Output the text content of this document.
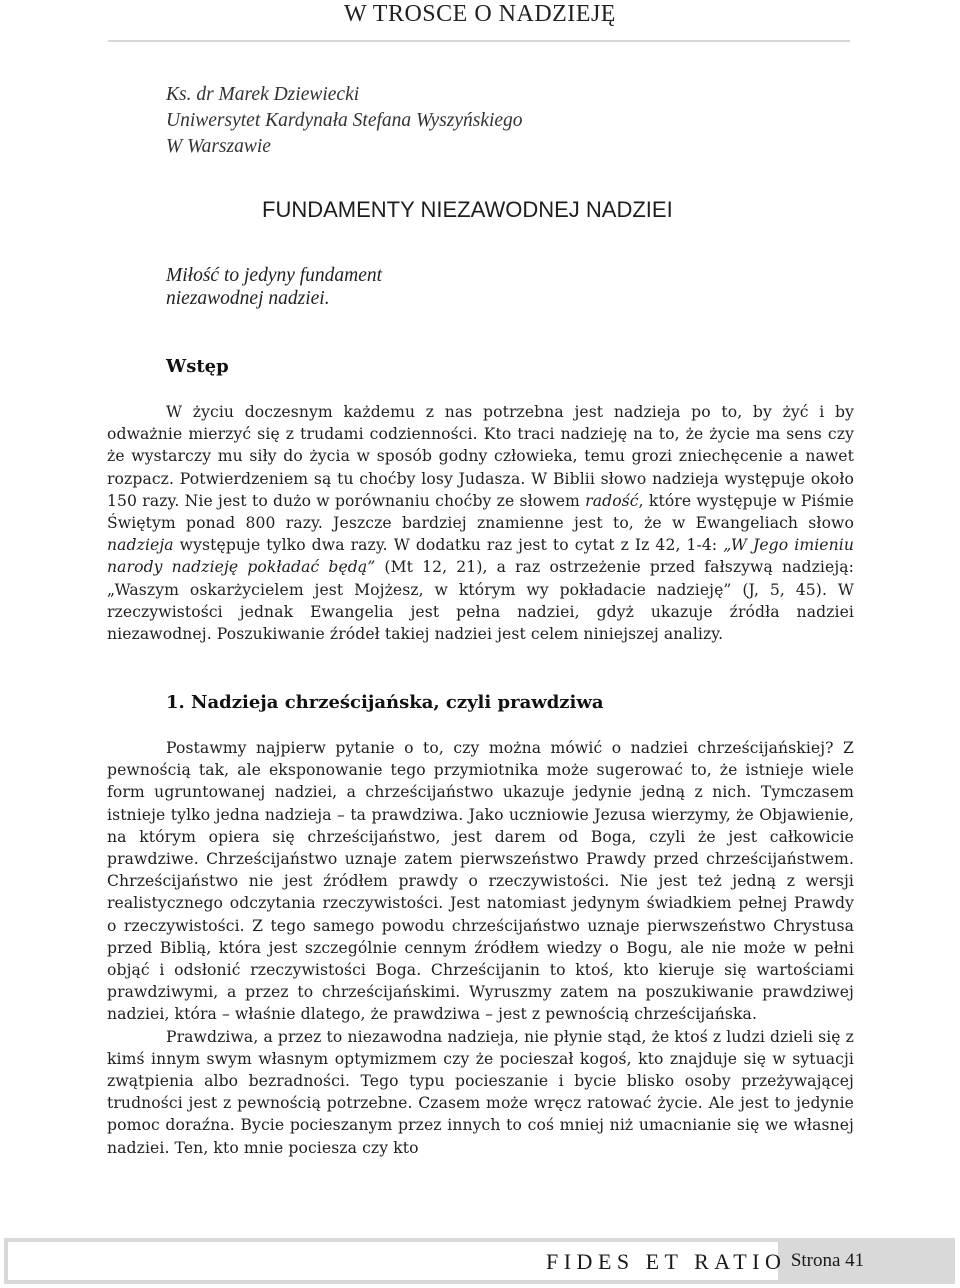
W TROSCE O NADZIEJĘ
Ks. dr Marek Dziewiecki
Uniwersytet Kardynała Stefana Wyszyńskiego
W Warszawie
FUNDAMENTY NIEZAWODNEJ NADZIEI
Miłość to jedyny fundament
niezawodnej nadziei.
Wstęp

W życiu doczesnym każdemu z nas potrzebna jest nadzieja po to, by żyć i by odważnie mierzyć się z trudami codzienności. Kto traci nadzieję na to, że życie ma sens czy że wystarczy mu siły do życia w sposób godny człowieka, temu grozi zniechęcenie a nawet rozpacz. Potwierdzeniem są tu choćby losy Judasza. W Biblii słowo nadzieja występuje około 150 razy. Nie jest to dużo w porównaniu choćby ze słowem radość, które występuje w Piśmie Świętym ponad 800 razy. Jeszcze bardziej znamienne jest to, że w Ewangeliach słowo nadzieja występuje tylko dwa razy. W dodatku raz jest to cytat z Iz 42, 1-4: „W Jego imieniu narody nadzieję pokładać będą” (Mt 12, 21), a raz ostrzeżenie przed fałszywą nadzieją: „Waszym oskarżycielem jest Mojżesz, w którym wy pokładacie nadzieję” (J, 5, 45). W rzeczywistości jednak Ewangelia jest pełna nadziei, gdyż ukazuje źródła nadziei niezawodnej. Poszukiwanie źródeł takiej nadziei jest celem niniejszej analizy.

1. Nadzieja chrześcijańska, czyli prawdziwa

Postawmy najpierw pytanie o to, czy można mówić o nadziei chrześcijańskiej? Z pewnością tak, ale eksponowanie tego przymiotnika może sugerować to, że istnieje wiele form ugruntowanej nadziei, a chrześcijaństwo ukazuje jedynie jedną z nich. Tymczasem istnieje tylko jedna nadzieja – ta prawdziwa. Jako uczniowie Jezusa wierzymy, że Objawienie, na którym opiera się chrześcijaństwo, jest darem od Boga, czyli że jest całkowicie prawdziwe. Chrześcijaństwo uznaje zatem pierwszeństwo Prawdy przed chrześcijaństwem. Chrześcijaństwo nie jest źródłem prawdy o rzeczywistości. Nie jest też jedną z wersji realistycznego odczytania rzeczywistości. Jest natomiast jedynym świadkiem pełnej Prawdy o rzeczywistości. Z tego samego powodu chrześcijaństwo uznaje pierwszeństwo Chrystusa przed Biblią, która jest szczególnie cennym źródłem wiedzy o Bogu, ale nie może w pełni objąć i odsłonić rzeczywistości Boga. Chrześcijanin to ktoś, kto kieruje się wartościami prawdziwymi, a przez to chrześcijańskimi. Wyruszmy zatem na poszukiwanie prawdziwej nadziei, która – właśnie dlatego, że prawdziwa – jest z pewnością chrześcijańska.

Prawdziwa, a przez to niezawodna nadzieja, nie płynie stąd, że ktoś z ludzi dzieli się z kimś innym swym własnym optymizmem czy że pocieszał kogoś, kto znajduje się w sytuacji zwątpienia albo bezradności. Tego typu pocieszanie i bycie blisko osoby przeżywającej trudności jest z pewnością potrzebne. Czasem może wręcz ratować życie. Ale jest to jedynie pomoc doraźna. Bycie pocieszanym przez innych to coś mniej niż umacnianie się we własnej nadziei. Ten, kto mnie pociesza czy kto

FIDES ET RATIO Strona 41
